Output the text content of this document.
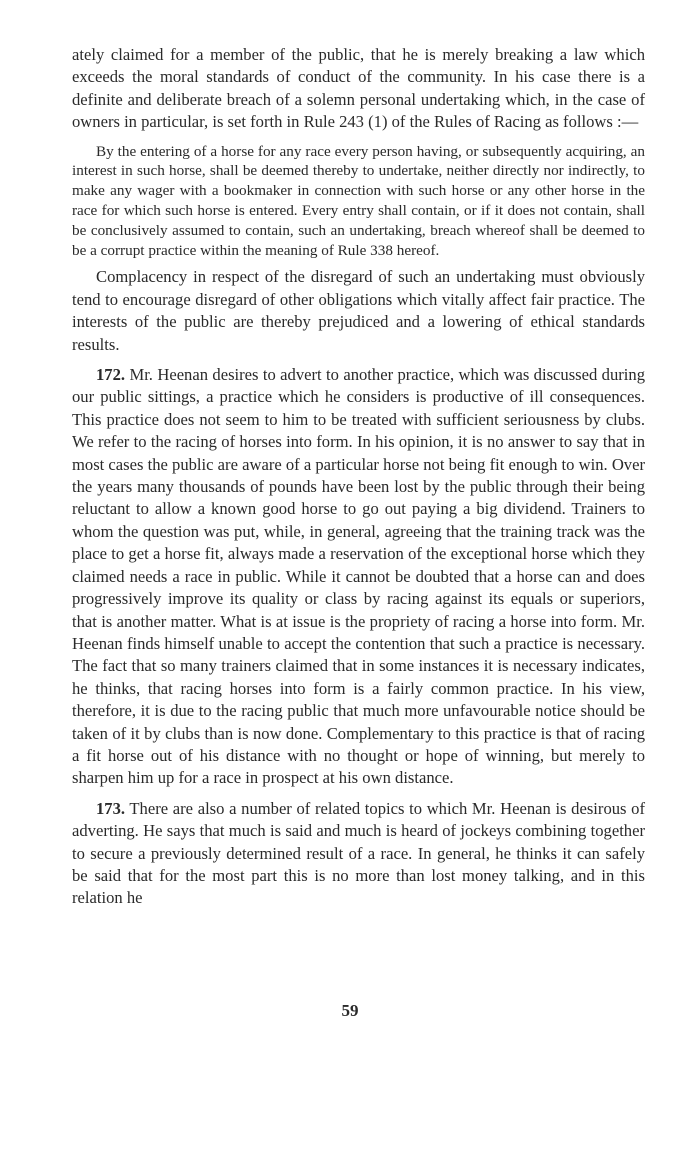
ately claimed for a member of the public, that he is merely breaking a law which exceeds the moral standards of conduct of the community. In his case there is a definite and deliberate breach of a solemn personal undertaking which, in the case of owners in particular, is set forth in Rule 243 (1) of the Rules of Racing as follows :—

By the entering of a horse for any race every person having, or subsequently acquiring, an interest in such horse, shall be deemed thereby to undertake, neither directly nor indirectly, to make any wager with a bookmaker in connection with such horse or any other horse in the race for which such horse is entered. Every entry shall contain, or if it does not contain, shall be conclusively assumed to contain, such an undertaking, breach whereof shall be deemed to be a corrupt practice within the meaning of Rule 338 hereof.

Complacency in respect of the disregard of such an undertaking must obviously tend to encourage disregard of other obligations which vitally affect fair practice. The interests of the public are thereby prejudiced and a lowering of ethical standards results.

172. Mr. Heenan desires to advert to another practice, which was discussed during our public sittings, a practice which he considers is productive of ill consequences. This practice does not seem to him to be treated with sufficient seriousness by clubs. We refer to the racing of horses into form. In his opinion, it is no answer to say that in most cases the public are aware of a particular horse not being fit enough to win. Over the years many thousands of pounds have been lost by the public through their being reluctant to allow a known good horse to go out paying a big dividend. Trainers to whom the question was put, while, in general, agreeing that the training track was the place to get a horse fit, always made a reservation of the exceptional horse which they claimed needs a race in public. While it cannot be doubted that a horse can and does progressively improve its quality or class by racing against its equals or superiors, that is another matter. What is at issue is the propriety of racing a horse into form. Mr. Heenan finds himself unable to accept the contention that such a practice is necessary. The fact that so many trainers claimed that in some instances it is necessary indicates, he thinks, that racing horses into form is a fairly common practice. In his view, therefore, it is due to the racing public that much more unfavourable notice should be taken of it by clubs than is now done. Complementary to this practice is that of racing a fit horse out of his distance with no thought or hope of winning, but merely to sharpen him up for a race in prospect at his own distance.

173. There are also a number of related topics to which Mr. Heenan is desirous of adverting. He says that much is said and much is heard of jockeys combining together to secure a previously determined result of a race. In general, he thinks it can safely be said that for the most part this is no more than lost money talking, and in this relation he

59
